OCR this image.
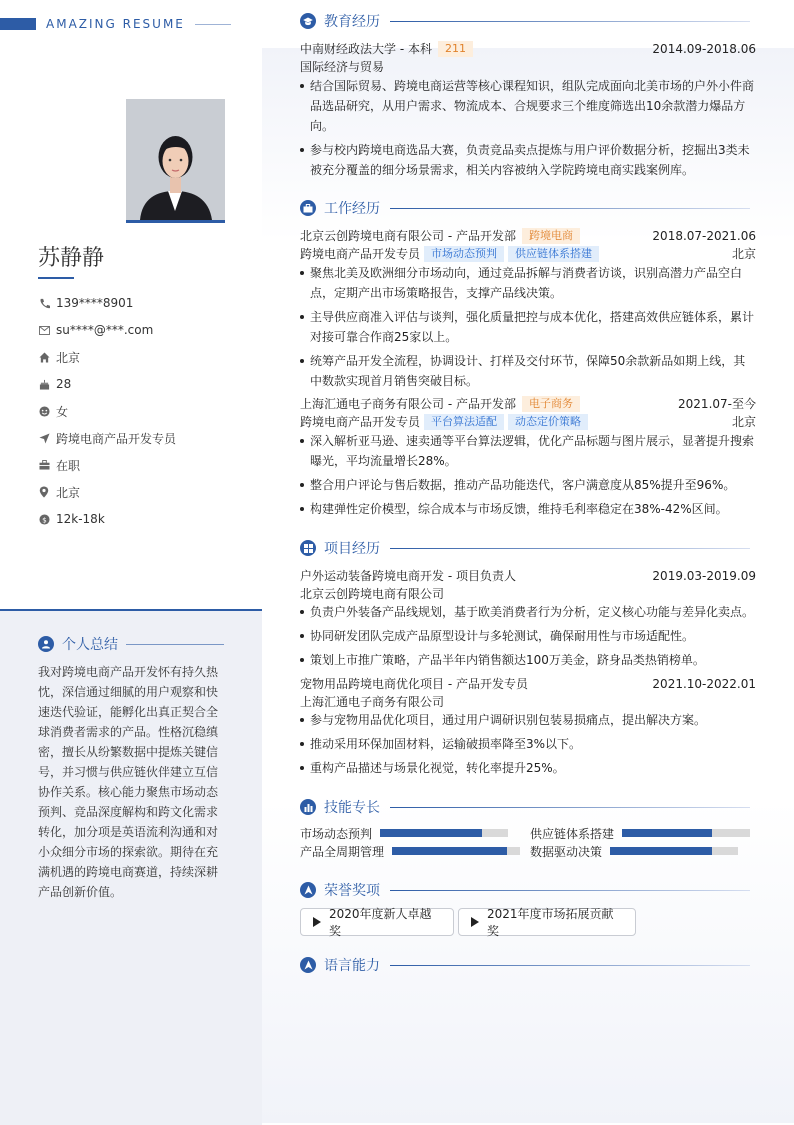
AMAZING RESUME
苏静静
139****8901
su****@***.com
北京
28
女
跨境电商产品开发专员
在职
北京
$ 12k-18k
个人总结
我对跨境电商产品开发怀有持久热忱，深信通过细腻的用户观察和快速迭代验证，能孵化出真正契合全球消费者需求的产品。性格沉稳缜密，擅长从纷繁数据中提炼关键信号，并习惯与供应链伙伴建立互信协作关系。核心能力聚焦市场动态预判、竞品深度解构和跨文化需求转化，加分项是英语流利沟通和对小众细分市场的探索欲。期待在充满机遇的跨境电商赛道，持续深耕产品创新价值。
教育经历
中南财经政法大学 - 本科	211	2014.09-2018.06
国际经济与贸易
结合国际贸易、跨境电商运营等核心课程知识，组队完成面向北美市场的户外小件商品选品研究，从用户需求、物流成本、合规要求三个维度筛选出10余款潜力爆品方向。
参与校内跨境电商选品大赛，负责竞品卖点提炼与用户评价数据分析，挖掘出3类未被充分覆盖的细分场景需求，相关内容被纳入学院跨境电商实践案例库。
工作经历
北京云创跨境电商有限公司 - 产品开发部	跨境电商	2018.07-2021.06
跨境电商产品开发专员	市场动态预判	供应链体系搭建	北京
聚焦北美及欧洲细分市场动向，通过竞品拆解与消费者访谈，识别高潜力产品空白点，定期产出市场策略报告，支撑产品线决策。
主导供应商准入评估与谈判，强化质量把控与成本优化，搭建高效供应链体系，累计对接可靠合作商25家以上。
统筹产品开发全流程，协调设计、打样及交付环节，保障50余款新品如期上线，其中数款实现首月销售突破目标。
上海汇通电子商务有限公司 - 产品开发部	电子商务	2021.07-至今
跨境电商产品开发专员	平台算法适配	动态定价策略	北京
深入解析亚马逊、速卖通等平台算法逻辑，优化产品标题与图片展示，显著提升搜索曝光，平均流量增长28%。
整合用户评论与售后数据，推动产品功能迭代，客户满意度从85%提升至96%。
构建弹性定价模型，综合成本与市场反馈，维持毛利率稳定在38%-42%区间。
项目经历
户外运动装备跨境电商开发 - 项目负责人	2019.03-2019.09
北京云创跨境电商有限公司
负责户外装备产品线规划，基于欧美消费者行为分析，定义核心功能与差异化卖点。
协同研发团队完成产品原型设计与多轮测试，确保耐用性与市场适配性。
策划上市推广策略，产品半年内销售额达100万美金，跻身品类热销榜单。
宠物用品跨境电商优化项目 - 产品开发专员	2021.10-2022.01
上海汇通电子商务有限公司
参与宠物用品优化项目，通过用户调研识别包装易损痛点，提出解决方案。
推动采用环保加固材料，运输破损率降至3%以下。
重构产品描述与场景化视觉，转化率提升25%。
技能专长
市场动态预判	供应链体系搭建
产品全周期管理	数据驱动决策
荣誉奖项
2020年度新人卓越奖
2021年度市场拓展贡献奖
语言能力
